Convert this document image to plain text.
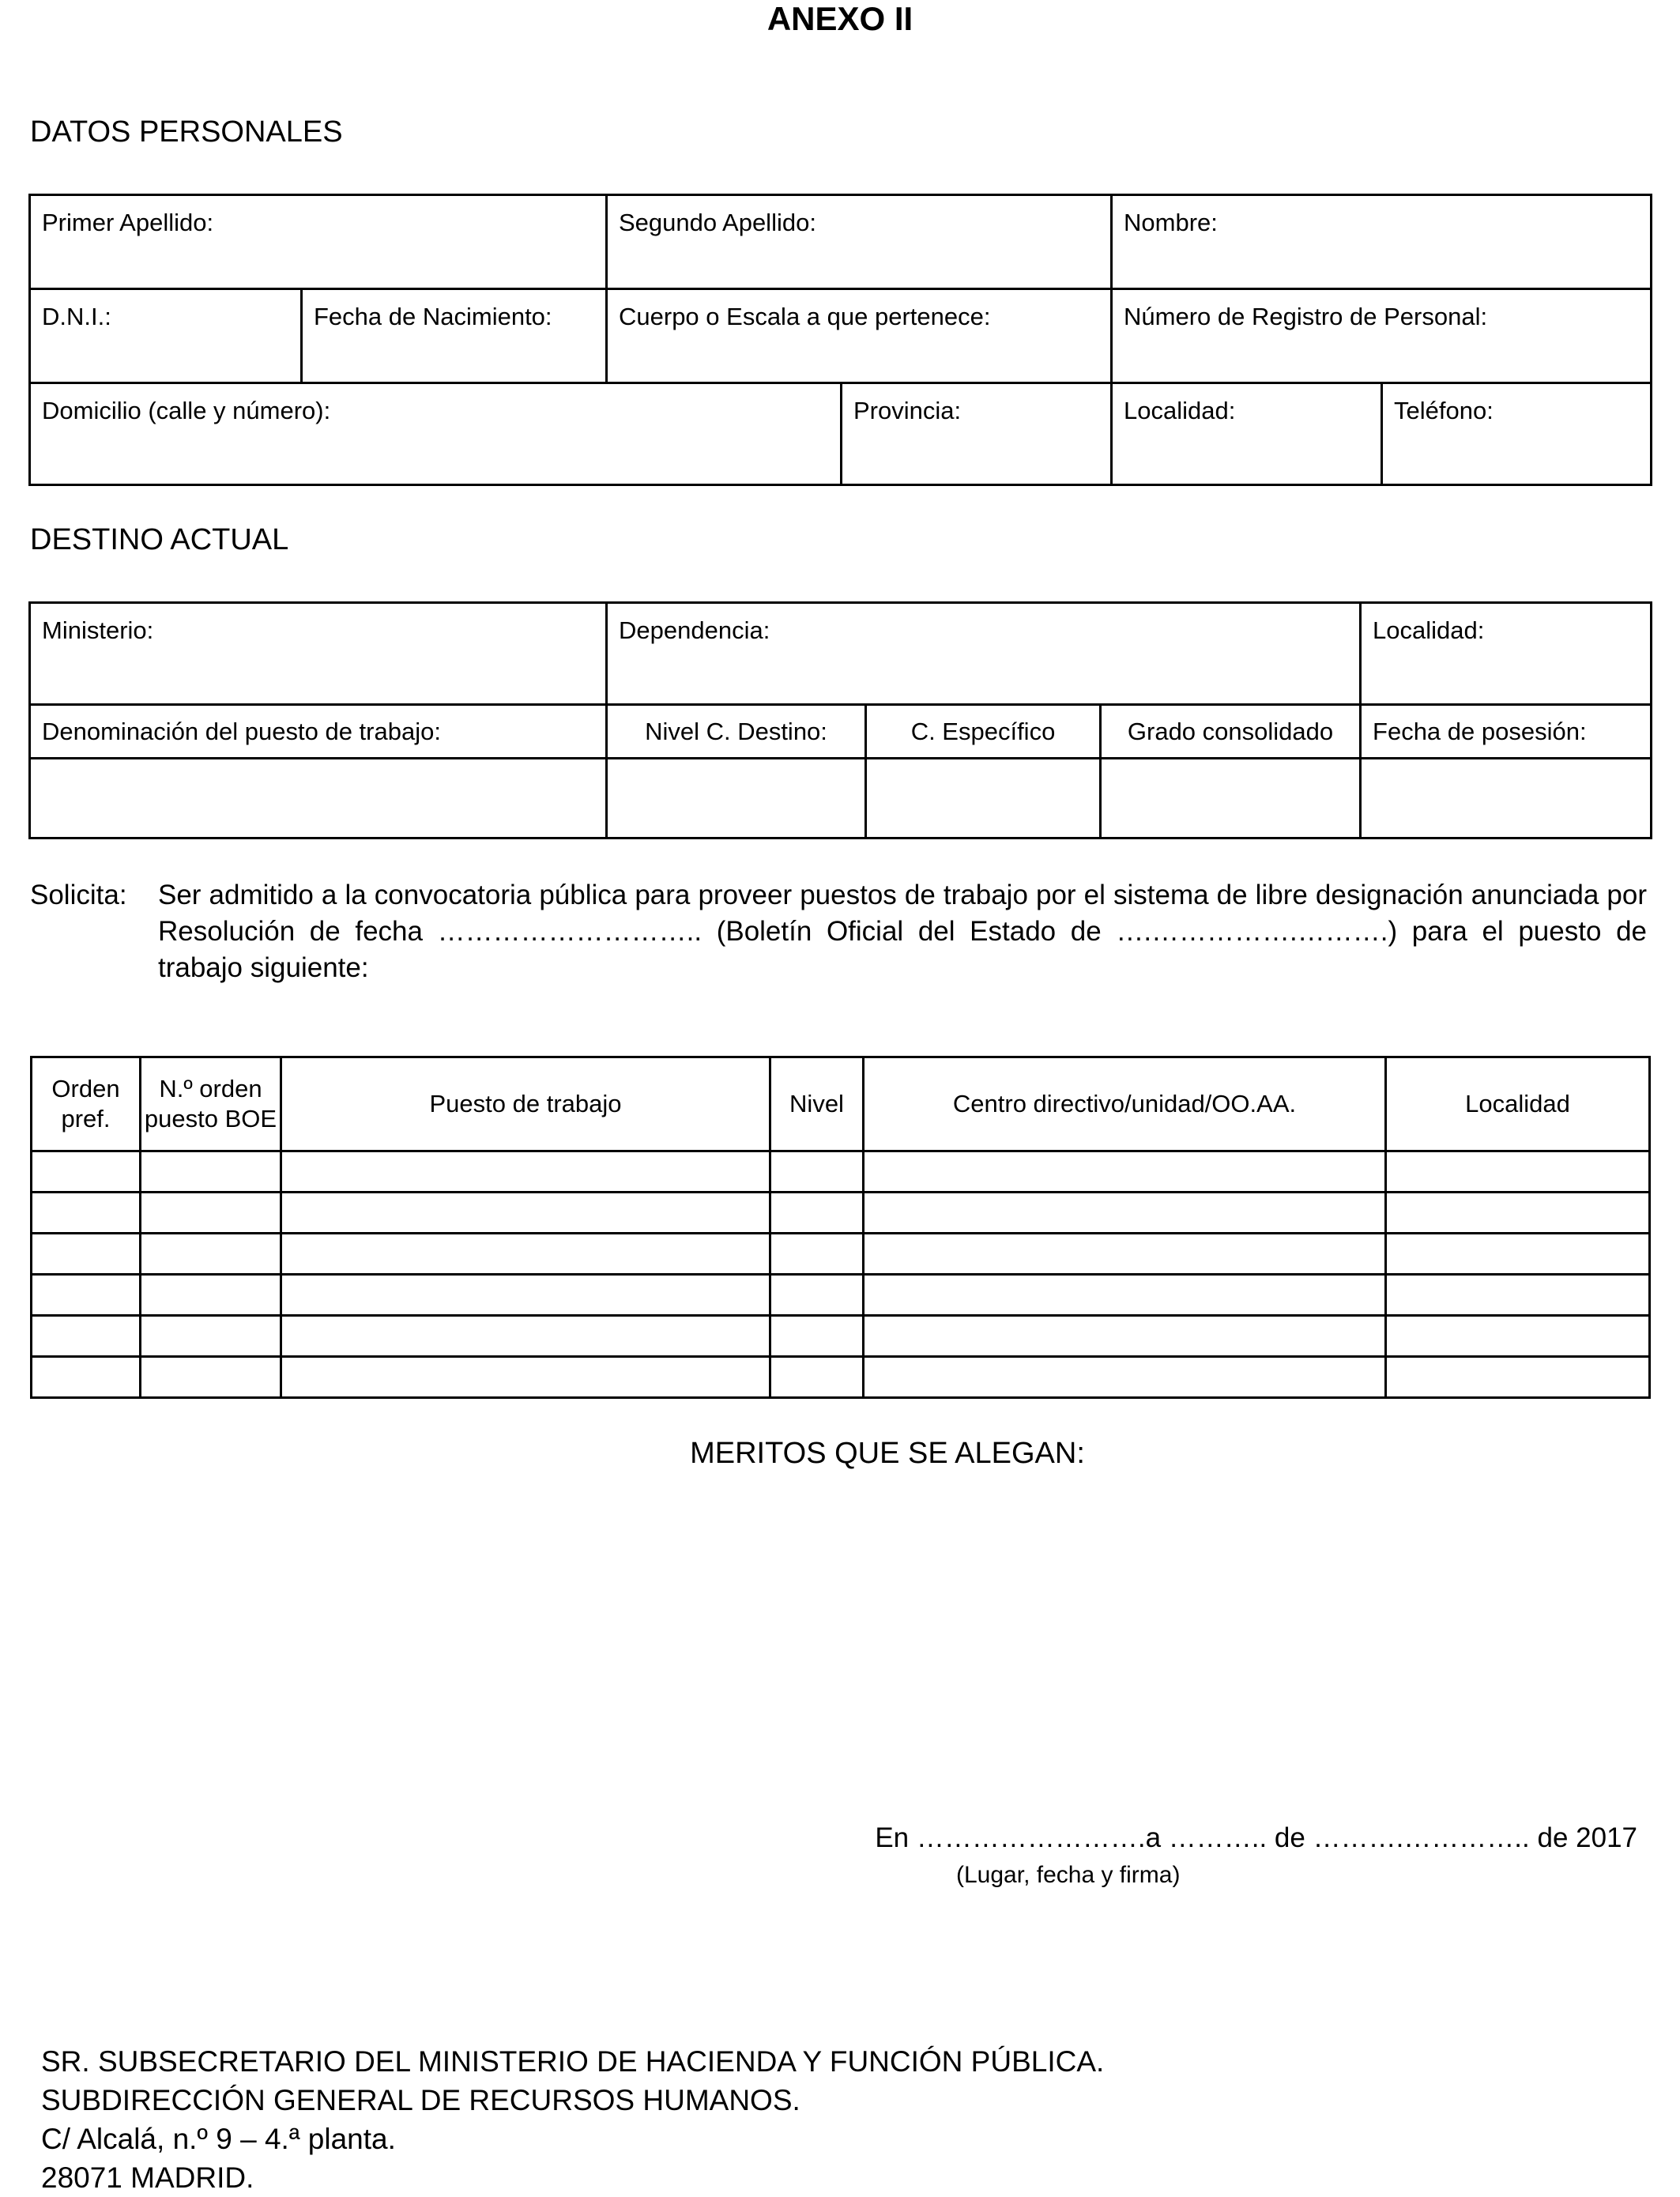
ANEXO II
DATOS PERSONALES
Primer Apellido:		Segundo Apellido:		Nombre:	

D.N.I.:	Fecha de Nacimiento:	Cuerpo o Escala a que pertenece:		Número de Registro de Personal:	

Domicilio (calle y número):			Provincia:	Localidad:	Teléfono:
DESTINO ACTUAL
Ministerio:	Dependencia:			Localidad:

Denominación del puesto de trabajo:	Nivel C. Destino:	C. Específico	Grado consolidado	Fecha de posesión:

Solicita: Ser admitido a la convocatoria pública para proveer puestos de trabajo por el sistema de libre designación anunciada por Resolución de fecha ……………………….. (Boletín Oficial del Estado de ….…………….……….) para el puesto de trabajo siguiente:
Orden pref.	N.º orden puesto BOE	Puesto de trabajo	Nivel	Centro directivo/unidad/OO.AA.	Localidad

MERITOS QUE SE ALEGAN:
En …………………….a ……….. de ……….………….. de 2017
(Lugar, fecha y firma)
SR. SUBSECRETARIO DEL MINISTERIO DE HACIENDA Y FUNCIÓN PÚBLICA.
SUBDIRECCIÓN GENERAL DE RECURSOS HUMANOS.
C/ Alcalá, n.º 9 – 4.ª planta.
28071 MADRID.
